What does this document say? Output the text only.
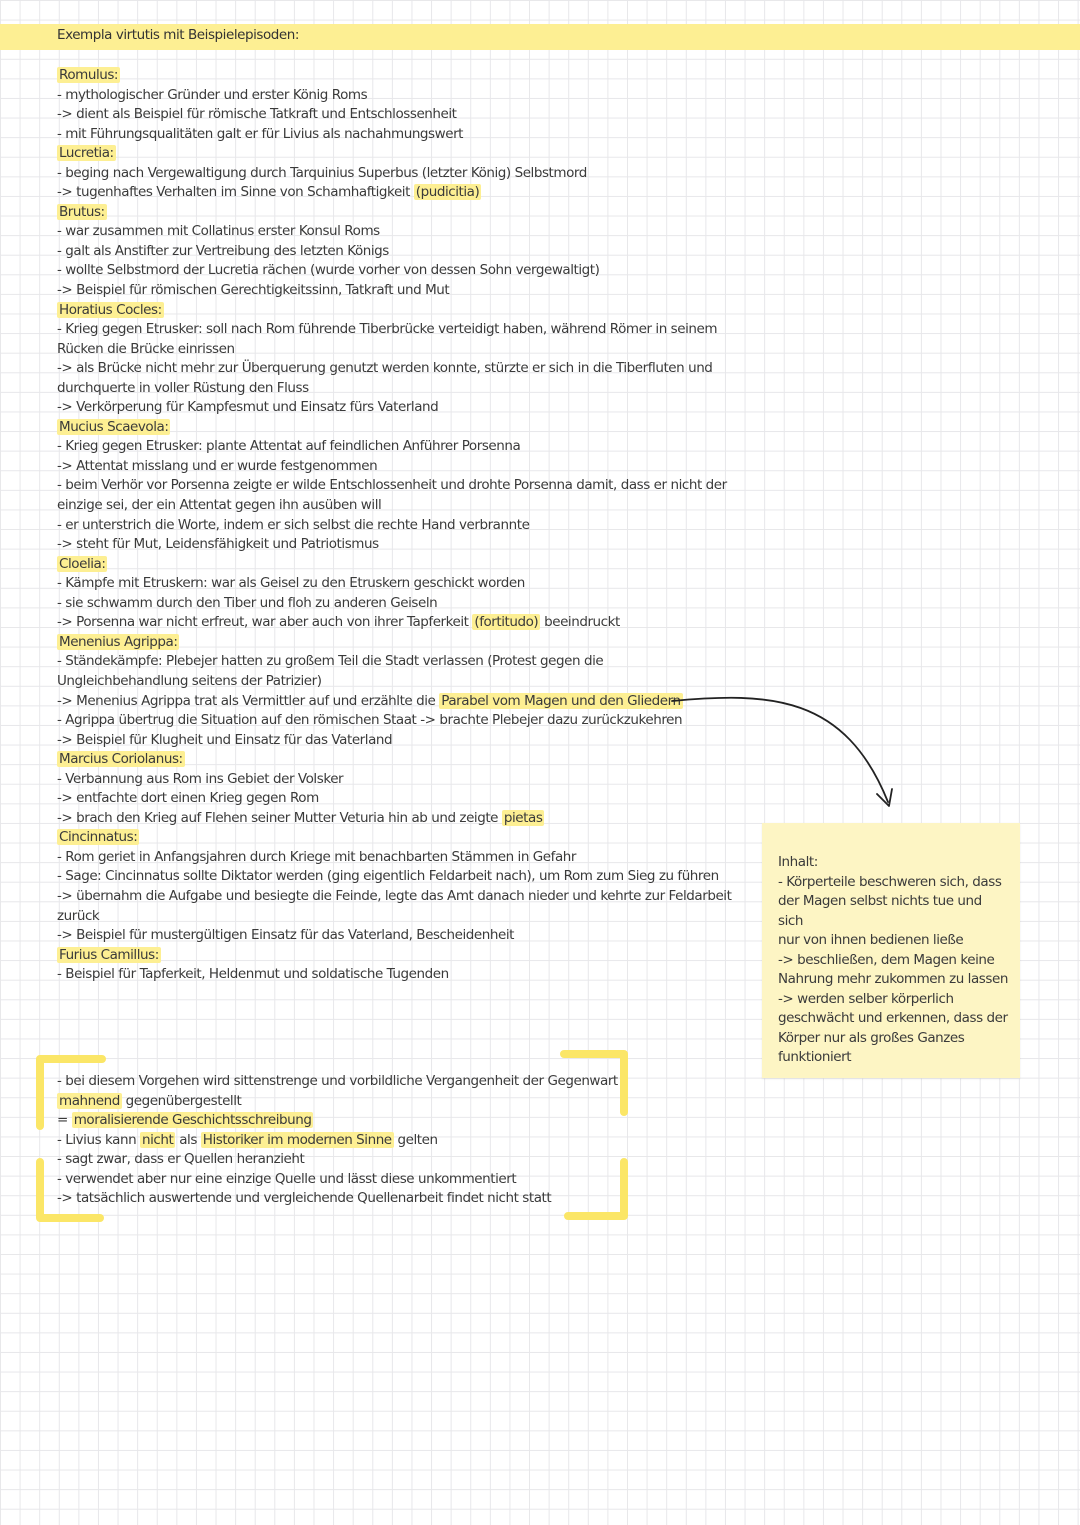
Exempla virtutis mit Beispielepisoden:
Romulus:
- mythologischer Gründer und erster König Roms
-> dient als Beispiel für römische Tatkraft und Entschlossenheit
- mit Führungsqualitäten galt er für Livius als nachahmungswert
Lucretia:
- beging nach Vergewaltigung durch Tarquinius Superbus (letzter König) Selbstmord
-> tugenhaftes Verhalten im Sinne von Schamhaftigkeit (pudicitia)
Brutus:
- war zusammen mit Collatinus erster Konsul Roms
- galt als Anstifter zur Vertreibung des letzten Königs
- wollte Selbstmord der Lucretia rächen (wurde vorher von dessen Sohn vergewaltigt)
-> Beispiel für römischen Gerechtigkeitssinn, Tatkraft und Mut
Horatius Cocles:
- Krieg gegen Etrusker: soll nach Rom führende Tiberbrücke verteidigt haben, während Römer in seinem
Rücken die Brücke einrissen
-> als Brücke nicht mehr zur Überquerung genutzt werden konnte, stürzte er sich in die Tiberfluten und
durchquerte in voller Rüstung den Fluss
-> Verkörperung für Kampfesmut und Einsatz fürs Vaterland
Mucius Scaevola:
- Krieg gegen Etrusker: plante Attentat auf feindlichen Anführer Porsenna
-> Attentat misslang und er wurde festgenommen
- beim Verhör vor Porsenna zeigte er wilde Entschlossenheit und drohte Porsenna damit, dass er nicht der
einzige sei, der ein Attentat gegen ihn ausüben will
- er unterstrich die Worte, indem er sich selbst die rechte Hand verbrannte
-> steht für Mut, Leidensfähigkeit und Patriotismus
Cloelia:
- Kämpfe mit Etruskern: war als Geisel zu den Etruskern geschickt worden
- sie schwamm durch den Tiber und floh zu anderen Geiseln
-> Porsenna war nicht erfreut, war aber auch von ihrer Tapferkeit (fortitudo) beeindruckt
Menenius Agrippa:
- Ständekämpfe: Plebejer hatten zu großem Teil die Stadt verlassen (Protest gegen die
Ungleichbehandlung seitens der Patrizier)
-> Menenius Agrippa trat als Vermittler auf und erzählte die Parabel vom Magen und den Gliedern
- Agrippa übertrug die Situation auf den römischen Staat -> brachte Plebejer dazu zurückzukehren
-> Beispiel für Klugheit und Einsatz für das Vaterland
Marcius Coriolanus:
- Verbannung aus Rom ins Gebiet der Volsker
-> entfachte dort einen Krieg gegen Rom
-> brach den Krieg auf Flehen seiner Mutter Veturia hin ab und zeigte pietas
Cincinnatus:
- Rom geriet in Anfangsjahren durch Kriege mit benachbarten Stämmen in Gefahr
- Sage: Cincinnatus sollte Diktator werden (ging eigentlich Feldarbeit nach), um Rom zum Sieg zu führen
-> übernahm die Aufgabe und besiegte die Feinde, legte das Amt danach nieder und kehrte zur Feldarbeit
zurück
-> Beispiel für mustergültigen Einsatz für das Vaterland, Bescheidenheit
Furius Camillus:
- Beispiel für Tapferkeit, Heldenmut und soldatische Tugenden
- bei diesem Vorgehen wird sittenstrenge und vorbildliche Vergangenheit der Gegenwart
mahnend gegenübergestellt
= moralisierende Geschichtsschreibung
- Livius kann nicht als Historiker im modernen Sinne gelten
- sagt zwar, dass er Quellen heranzieht
- verwendet aber nur eine einzige Quelle und lässt diese unkommentiert
-> tatsächlich auswertende und vergleichende Quellenarbeit findet nicht statt
Inhalt:
- Körperteile beschweren sich, dass
der Magen selbst nichts tue und sich
nur von ihnen bedienen ließe
-> beschließen, dem Magen keine
Nahrung mehr zukommen zu lassen
-> werden selber körperlich
geschwächt und erkennen, dass der
Körper nur als großes Ganzes
funktioniert
